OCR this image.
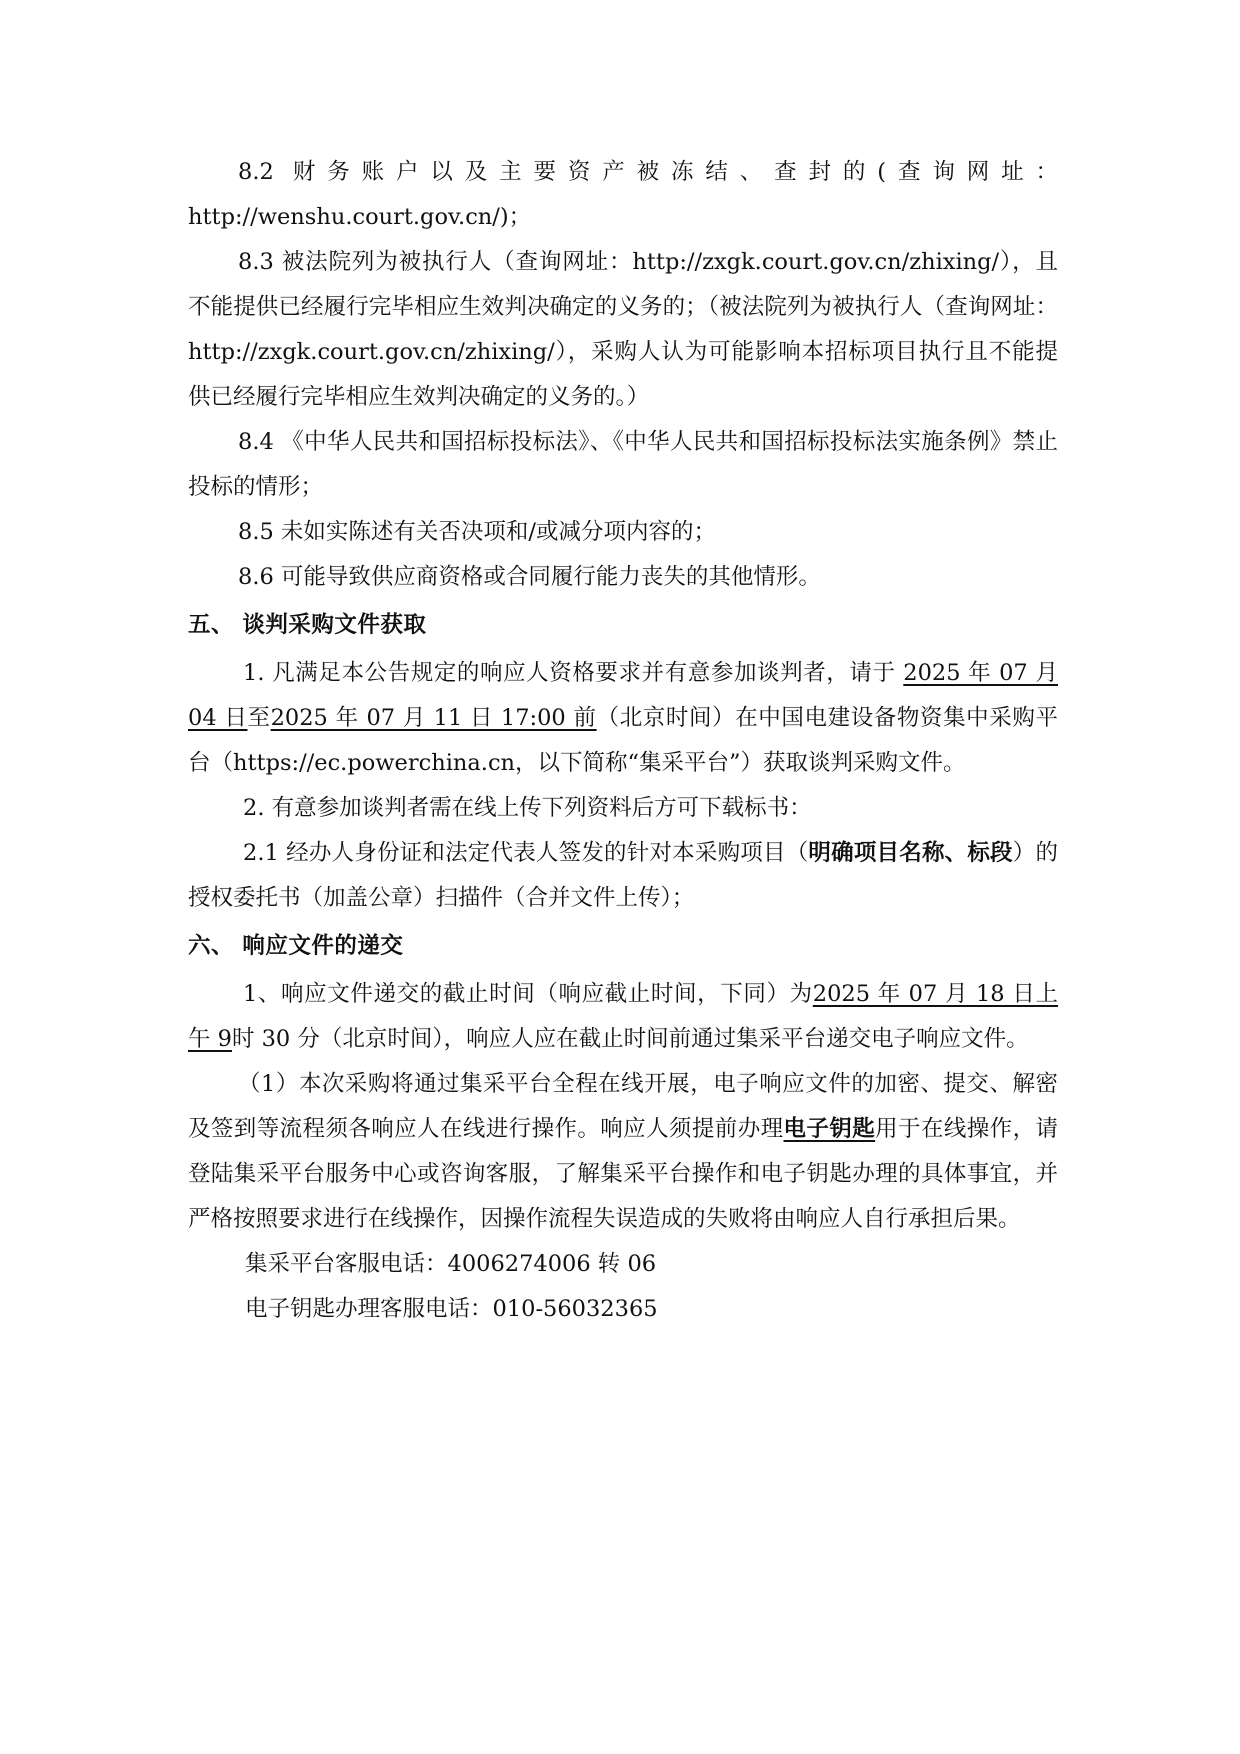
8.2 财务账户以及主要资产被冻结、查封的(查询网址：

http://wenshu.court.gov.cn/)；

8.3 被法院列为被执行人（查询网址：http://zxgk.court.gov.cn/zhixing/），且不能提供已经履行完毕相应生效判决确定的义务的；（被法院列为被执行人（查询网址：http://zxgk.court.gov.cn/zhixing/），采购人认为可能影响本招标项目执行且不能提供已经履行完毕相应生效判决确定的义务的。）

8.4 《中华人民共和国招标投标法》、《中华人民共和国招标投标法实施条例》禁止投标的情形；

8.5 未如实陈述有关否决项和/或减分项内容的；

8.6 可能导致供应商资格或合同履行能力丧失的其他情形。

五、 谈判采购文件获取

1. 凡满足本公告规定的响应人资格要求并有意参加谈判者，请于 2025 年 07 月 04 日至2025 年 07 月 11 日 17:00 前（北京时间）在中国电建设备物资集中采购平台（https://ec.powerchina.cn，以下简称“集采平台”）获取谈判采购文件。

2. 有意参加谈判者需在线上传下列资料后方可下载标书：

2.1 经办人身份证和法定代表人签发的针对本采购项目（明确项目名称、标段）的授权委托书（加盖公章）扫描件（合并文件上传）；

六、 响应文件的递交

1、响应文件递交的截止时间（响应截止时间，下同）为2025 年 07 月 18 日上午 9时 30 分（北京时间），响应人应在截止时间前通过集采平台递交电子响应文件。

（1）本次采购将通过集采平台全程在线开展，电子响应文件的加密、提交、解密及签到等流程须各响应人在线进行操作。响应人须提前办理电子钥匙用于在线操作，请登陆集采平台服务中心或咨询客服，了解集采平台操作和电子钥匙办理的具体事宜，并严格按照要求进行在线操作，因操作流程失误造成的失败将由响应人自行承担后果。

集采平台客服电话：4006274006 转 06

电子钥匙办理客服电话：010-56032365
